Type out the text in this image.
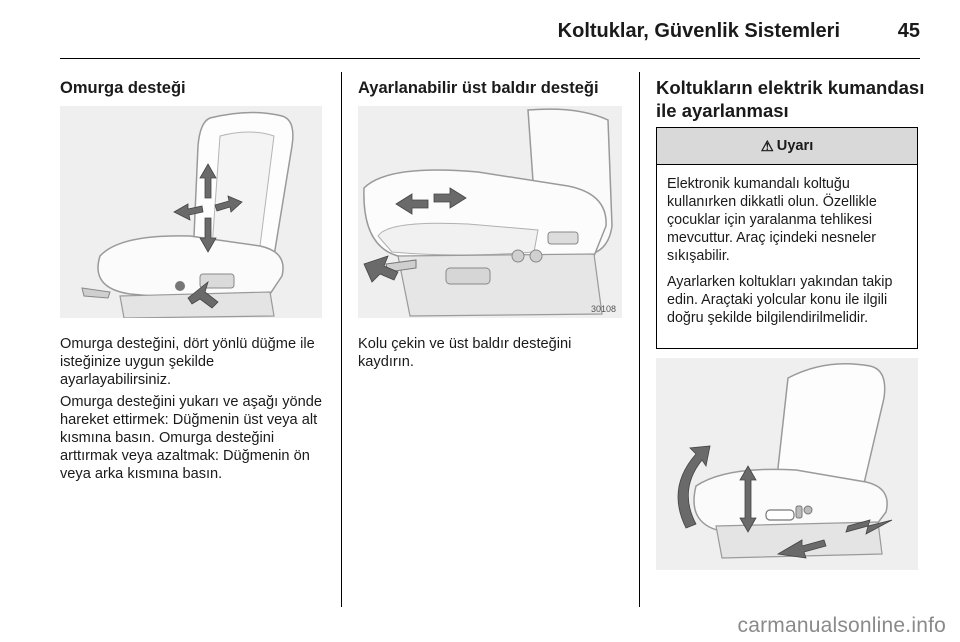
Koltuklar, Güvenlik Sistemleri	45
Omurga desteği

Omurga desteğini, dört yönlü düğme ile isteğinize uygun şekilde ayarlayabilirsiniz.

Omurga desteğini yukarı ve aşağı yönde hareket ettirmek: Düğmenin üst veya alt kısmına basın. Omurga desteğini arttırmak veya azaltmak: Düğmenin ön veya arka kısmına basın.

Ayarlanabilir üst baldır desteği
30108

Kolu çekin ve üst baldır desteğini kaydırın.

Koltukların elektrik kumandası ile ayarlanması
⚠ Uyarı

Elektronik kumandalı koltuğu kullanırken dikkatli olun. Özellikle çocuklar için yaralanma tehlikesi mevcuttur. Araç içindeki nesneler sıkışabilir.

Ayarlarken koltukları yakından takip edin. Araçtaki yolcular konu ile ilgili doğru şekilde bilgilendirilmelidir.

carmanualsonline.info
